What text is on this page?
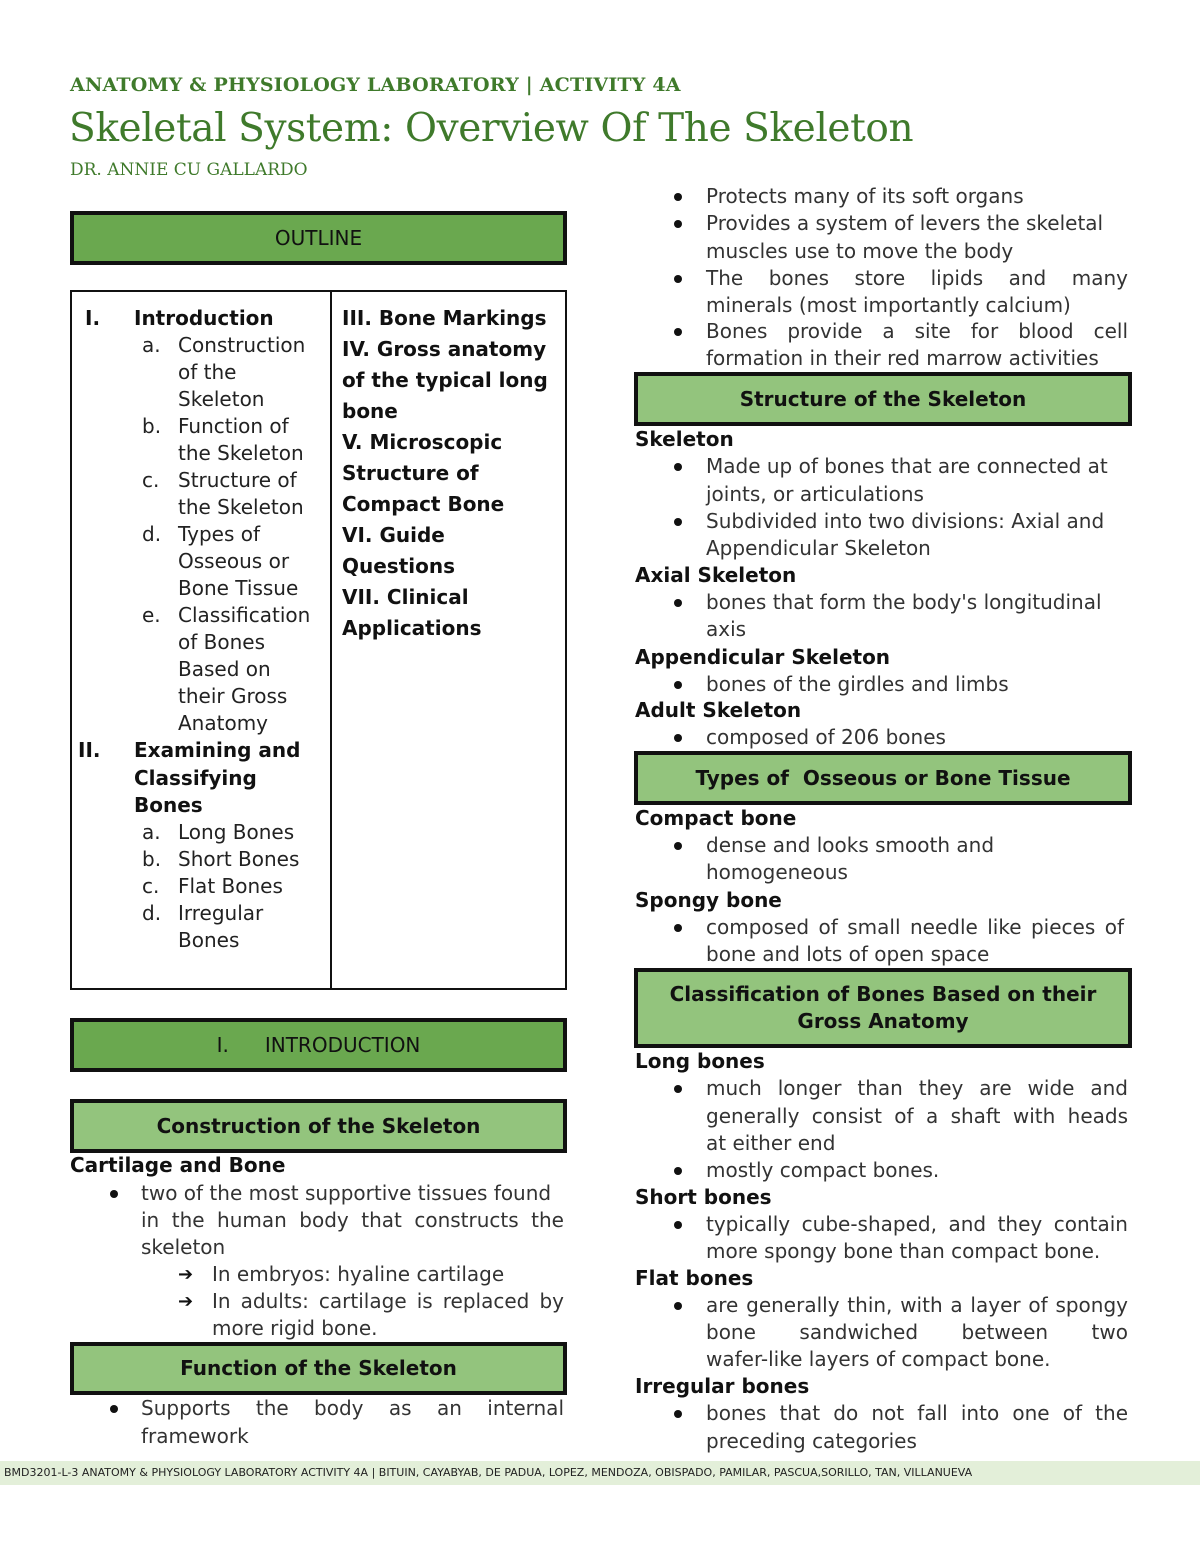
ANATOMY & PHYSIOLOGY LABORATORY | ACTIVITY 4A
Skeletal System: Overview Of The Skeleton
DR. ANNIE CU GALLARDO
OUTLINE
I. Introduction
a. Construction
of the
Skeleton
b. Function of
the Skeleton
c. Structure of
the Skeleton
d. Types of
Osseous or
Bone Tissue
e. Classification
of Bones
Based on
their Gross
Anatomy
II. Examining and
Classifying
Bones
a. Long Bones
b. Short Bones
c. Flat Bones
d. Irregular
Bones
III. Bone Markings
IV. Gross anatomy
of the typical long
bone
V. Microscopic
Structure of
Compact Bone
VI. Guide
Questions
VII. Clinical
Applications
I. INTRODUCTION
Construction of the Skeleton
Cartilage and Bone
two of the most supportive tissues found
in the human body that constructs the
skeleton
➔ In embryos: hyaline cartilage
➔ In adults: cartilage is replaced by
more rigid bone.
Function of the Skeleton
Supports the body as an internal
framework
Protects many of its soft organs
Provides a system of levers the skeletal
muscles use to move the body
The bones store lipids and many
minerals (most importantly calcium)
Bones provide a site for blood cell
formation in their red marrow activities
Structure of the Skeleton
Skeleton
Made up of bones that are connected at
joints, or articulations
Subdivided into two divisions: Axial and
Appendicular Skeleton
Axial Skeleton
bones that form the body's longitudinal
axis
Appendicular Skeleton
bones of the girdles and limbs
Adult Skeleton
composed of 206 bones
Types of  Osseous or Bone Tissue
Compact bone
dense and looks smooth and
homogeneous
Spongy bone
composed of small needle like pieces of
bone and lots of open space
Classification of Bones Based on their
Gross Anatomy
Long bones
much longer than they are wide and
generally consist of a shaft with heads
at either end
mostly compact bones.
Short bones
typically cube-shaped, and they contain
more spongy bone than compact bone.
Flat bones
are generally thin, with a layer of spongy
bone sandwiched between two
wafer-like layers of compact bone.
Irregular bones
bones that do not fall into one of the
preceding categories
BMD3201-L-3 ANATOMY & PHYSIOLOGY LABORATORY ACTIVITY 4A | BITUIN, CAYABYAB, DE PADUA, LOPEZ, MENDOZA, OBISPADO, PAMILAR, PASCUA,SORILLO, TAN, VILLANUEVA
